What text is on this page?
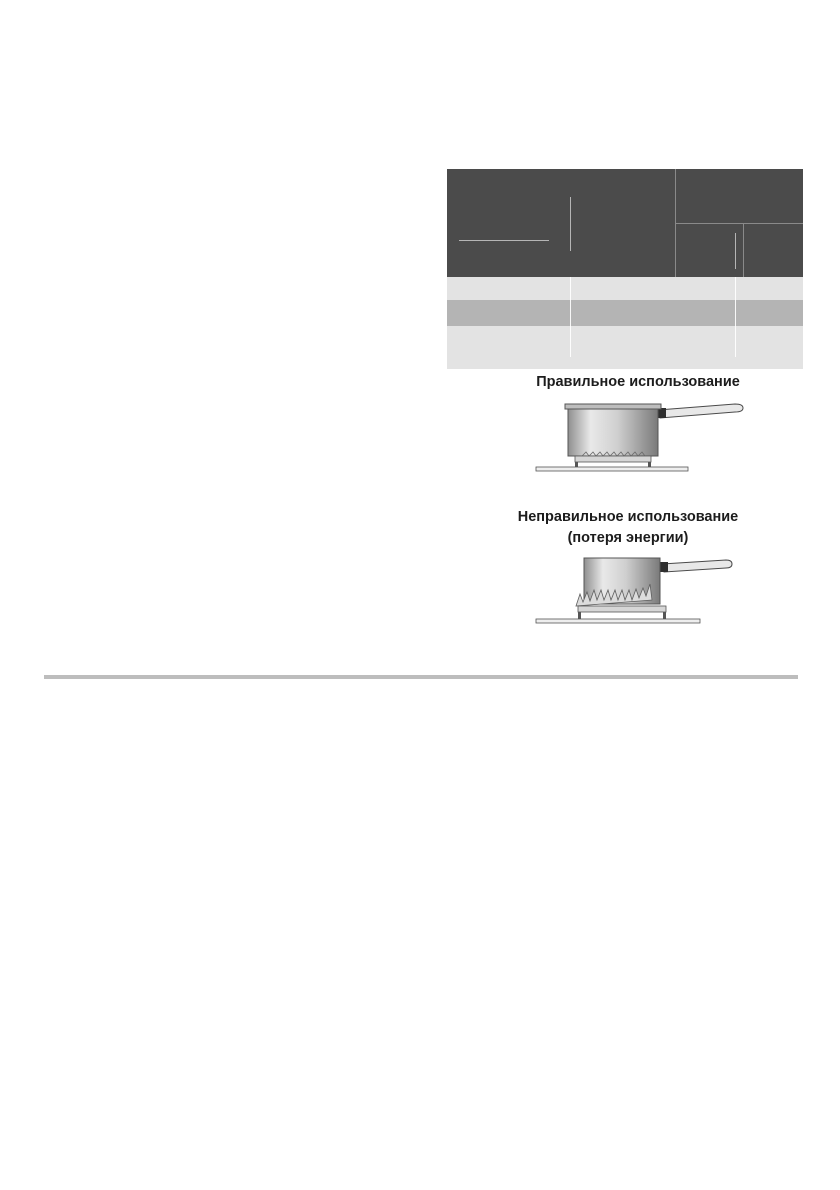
Правильное использование
Неправильное использование
(потеря энергии)
